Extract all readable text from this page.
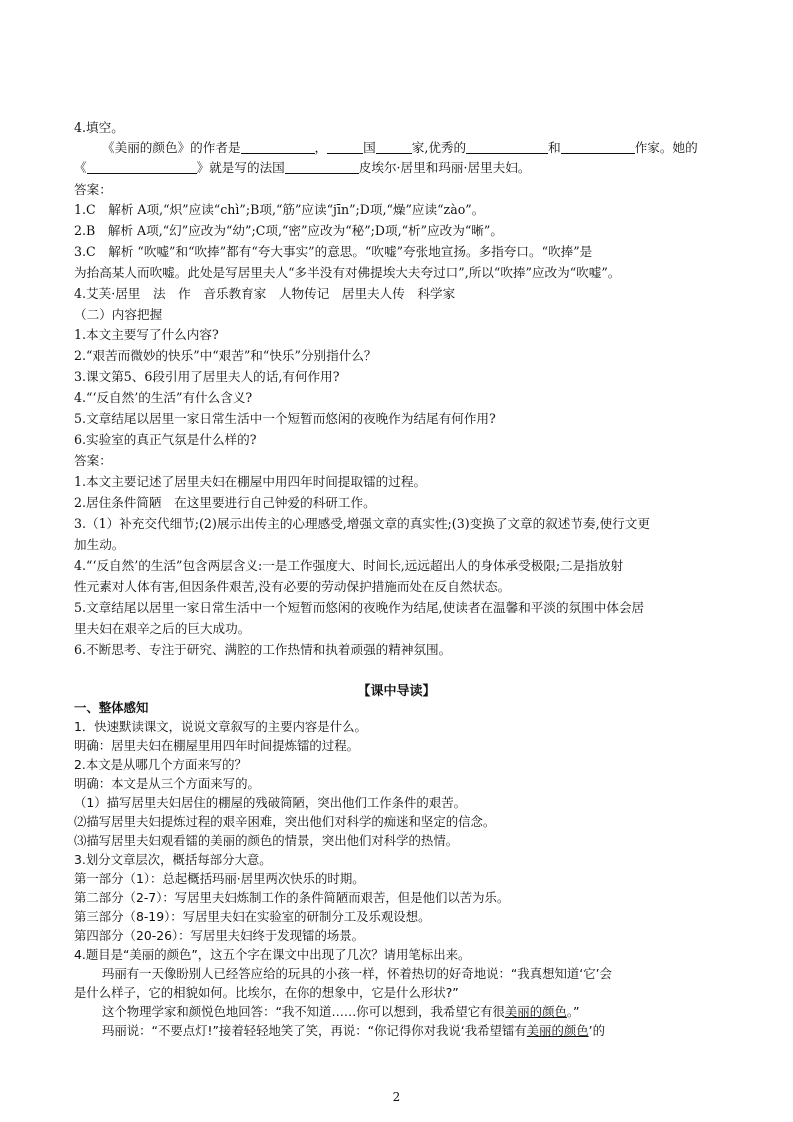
4.填空。
《美丽的颜色》的作者是	，	国	家,优秀的	和	作家。她的
《	》就是写的法国	皮埃尔·居里和玛丽·居里夫妇。
答案：
1.C　解析 A项,“炽”应读“chì”;B项,“筋”应读“jīn”;D项,“燥”应读“zào”。
2.B　解析 A项,“幻”应改为“幼”;C项,“密”应改为“秘”;D项,“析”应改为“晰”。
3.C　解析 “吹嘘”和“吹捧”都有“夸大事实”的意思。“吹嘘”夸张地宣扬。多指夸口。“吹捧”是
为抬高某人而吹嘘。此处是写居里夫人“多半没有对佛提埃大夫夸过口”,所以“吹捧”应改为“吹嘘”。
4.艾芙·居里　法　作　音乐教育家　人物传记　居里夫人传　科学家
（二）内容把握
1.本文主要写了什么内容?
2.“艰苦而微妙的快乐”中“艰苦”和“快乐”分别指什么？
3.课文第5、6段引用了居里夫人的话,有何作用?
4.“‘反自然’的生活”有什么含义?
5.文章结尾以居里一家日常生活中一个短暂而悠闲的夜晚作为结尾有何作用?
6.实验室的真正气氛是什么样的?
答案：
1.本文主要记述了居里夫妇在棚屋中用四年时间提取镭的过程。
2.居住条件简陋　在这里要进行自己钟爱的科研工作。
3.（1）补充交代细节;(2)展示出传主的心理感受,增强文章的真实性;(3)变换了文章的叙述节奏,使行文更
加生动。
4.“‘反自然’的生活”包含两层含义:一是工作强度大、时间长,远远超出人的身体承受极限;二是指放射
性元素对人体有害,但因条件艰苦,没有必要的劳动保护措施而处在反自然状态。
5.文章结尾以居里一家日常生活中一个短暂而悠闲的夜晚作为结尾,使读者在温馨和平淡的氛围中体会居
里夫妇在艰辛之后的巨大成功。
6.不断思考、专注于研究、满腔的工作热情和执着顽强的精神氛围。
【课中导读】
一、整体感知
1．快速默读课文，说说文章叙写的主要内容是什么。
明确：居里夫妇在棚屋里用四年时间提炼镭的过程。
2.本文是从哪几个方面来写的？
明确：本文是从三个方面来写的。
（1）描写居里夫妇居住的棚屋的残破简陋，突出他们工作条件的艰苦。
⑵描写居里夫妇提炼过程的艰辛困难，突出他们对科学的痴迷和坚定的信念。
⑶描写居里夫妇观看镭的美丽的颜色的情景，突出他们对科学的热情。
3.划分文章层次，概括每部分大意。
第一部分（1）：总起概括玛丽·居里两次快乐的时期。
第二部分（2-7）：写居里夫妇炼制工作的条件简陋而艰苦，但是他们以苦为乐。
第三部分（8-19）：写居里夫妇在实验室的研制分工及乐观设想。
第四部分（20-26）：写居里夫妇终于发现镭的场景。
4.题目是“美丽的颜色”，这五个字在课文中出现了几次？请用笔标出来。
玛丽有一天像盼别人已经答应给的玩具的小孩一样，怀着热切的好奇地说：“我真想知道‘它’会
是什么样子，它的相貌如何。比埃尔，在你的想象中，它是什么形状?”
这个物理学家和颜悦色地回答：“我不知道……你可以想到，我希望它有很美丽的颜色。”
玛丽说：“不要点灯!”接着轻轻地笑了笑，再说：“你记得你对我说‘我希望镭有美丽的颜色’的
2
